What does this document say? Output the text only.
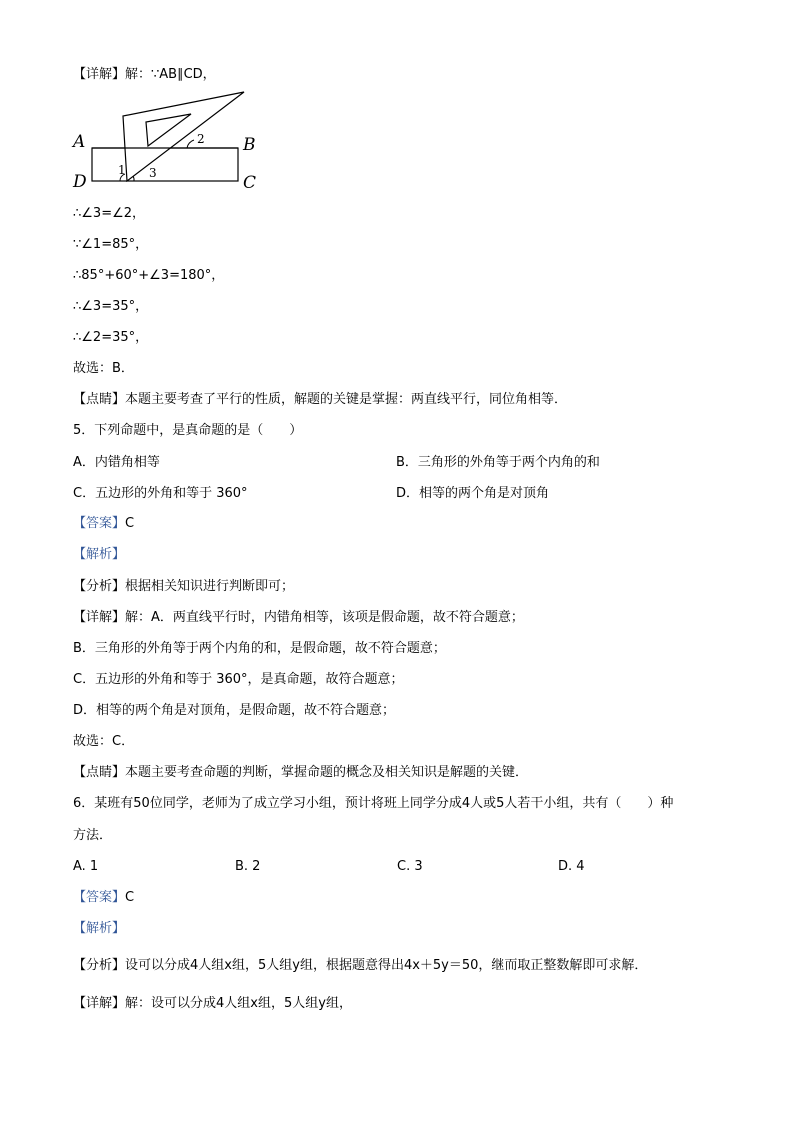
【详解】解：∵AB∥CD，
A	B
D	C
1
2
3
∴∠3=∠2，
∵∠1=85°，
∴85°+60°+∠3=180°，
∴∠3=35°，
∴∠2=35°，
故选：B．
【点睛】本题主要考查了平行的性质，解题的关键是掌握：两直线平行，同位角相等．
5．下列命题中，是真命题的是（　　）
A．内错角相等	B．三角形的外角等于两个内角的和
C．五边形的外角和等于 360°	D．相等的两个角是对顶角
【答案】C
【解析】
【分析】根据相关知识进行判断即可；
【详解】解：A．两直线平行时，内错角相等，该项是假命题，故不符合题意；
B．三角形的外角等于两个内角的和，是假命题，故不符合题意；
C．五边形的外角和等于 360°，是真命题，故符合题意；
D．相等的两个角是对顶角，是假命题，故不符合题意；
故选：C．
【点睛】本题主要考查命题的判断，掌握命题的概念及相关知识是解题的关键．
6．某班有50位同学，老师为了成立学习小组，预计将班上同学分成4人或5人若干小组，共有（　　）种
方法．
A. 1	B. 2	C. 3	D. 4
【答案】C
【解析】
【分析】设可以分成4人组x组，5人组y组，根据题意得出4x＋5y＝50，继而取正整数解即可求解．
【详解】解：设可以分成4人组x组，5人组y组，
